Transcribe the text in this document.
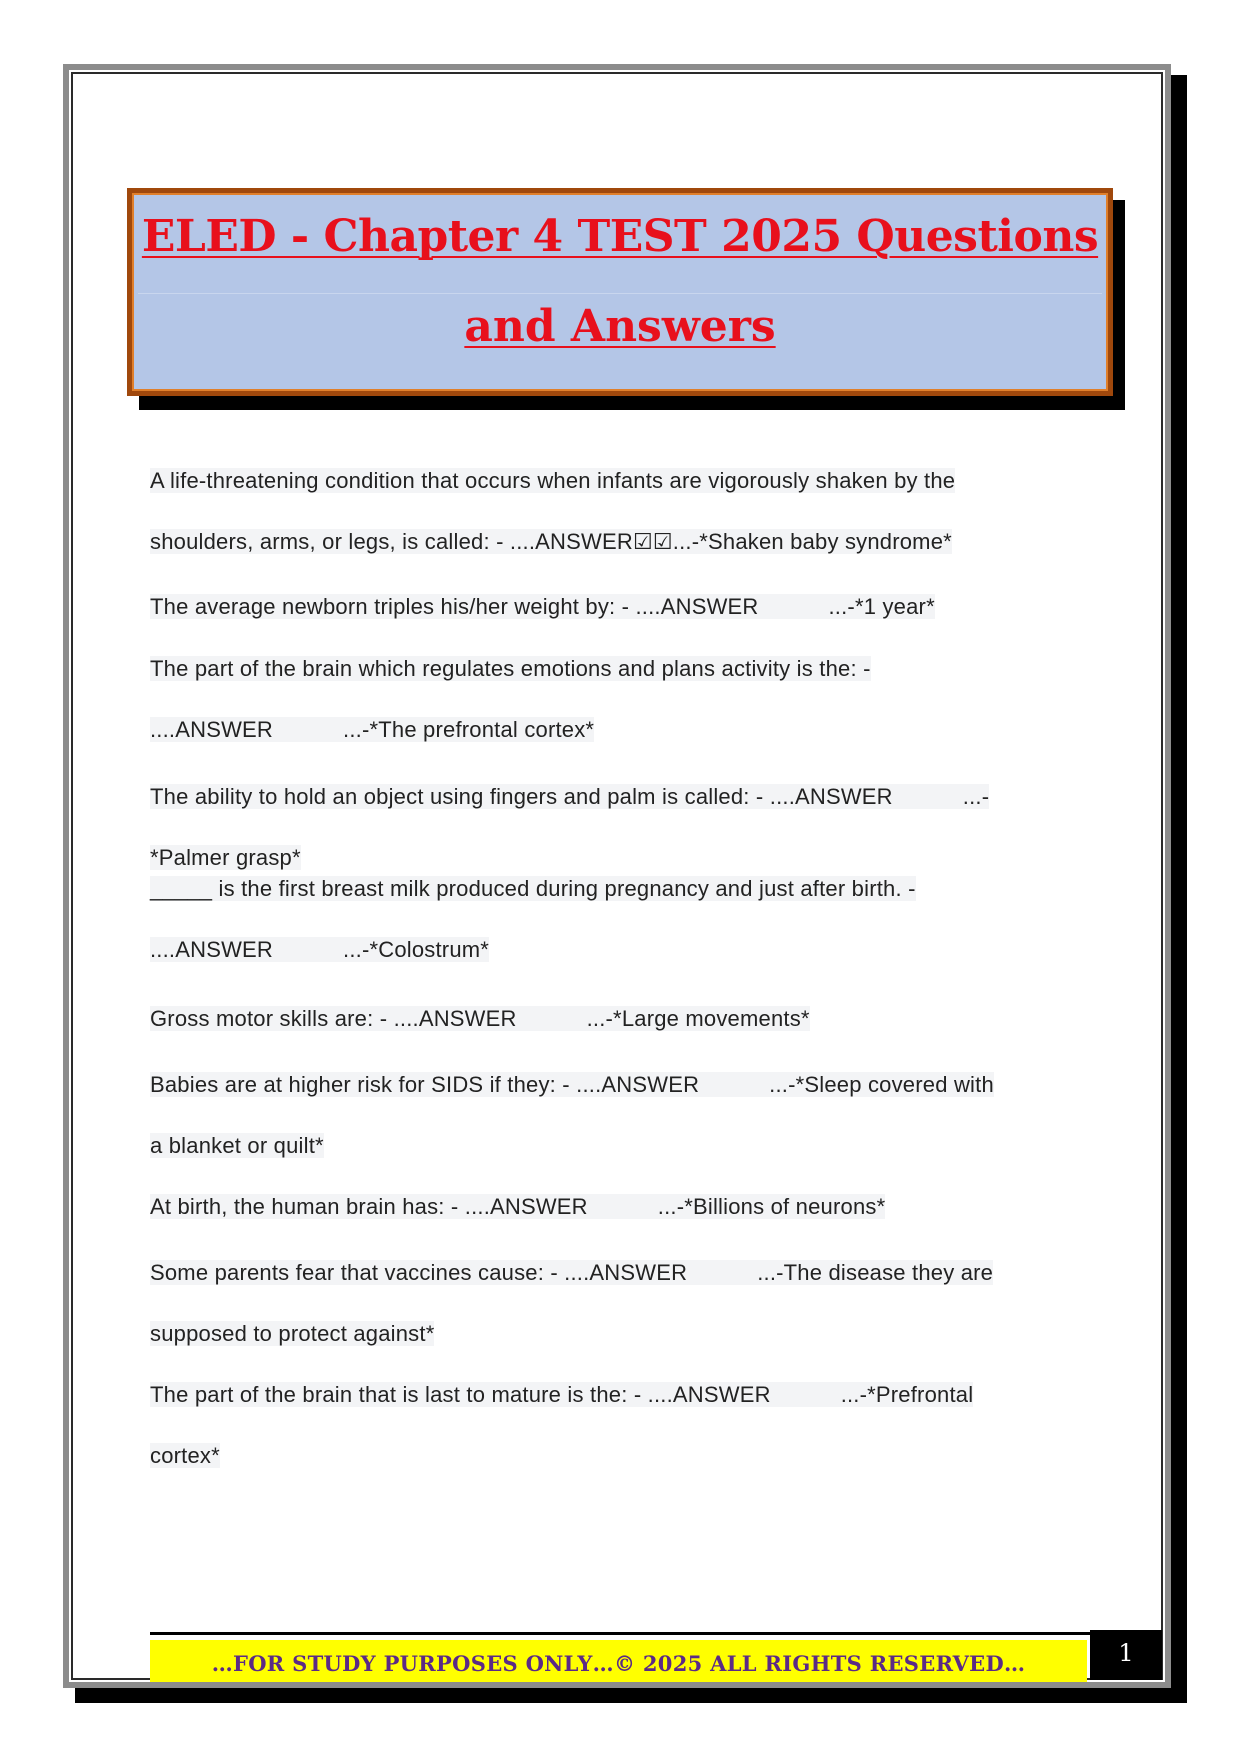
ELED - Chapter 4 TEST 2025 Questions
and Answers
A life-threatening condition that occurs when infants are vigorously shaken by the
shoulders, arms, or legs, is called: - ....ANSWER☑☑...-*Shaken baby syndrome*
The average newborn triples his/her weight by: - ....ANSWER	...-*1 year*
The part of the brain which regulates emotions and plans activity is the: -
....ANSWER	...-*The prefrontal cortex*
The ability to hold an object using fingers and palm is called: - ....ANSWER	...-
*Palmer grasp*
_____ is the first breast milk produced during pregnancy and just after birth. -
....ANSWER	...-*Colostrum*
Gross motor skills are: - ....ANSWER	...-*Large movements*
Babies are at higher risk for SIDS if they: - ....ANSWER	...-*Sleep covered with
a blanket or quilt*
At birth, the human brain has: - ....ANSWER	...-*Billions of neurons*
Some parents fear that vaccines cause: - ....ANSWER	...-The disease they are
supposed to protect against*
The part of the brain that is last to mature is the: - ....ANSWER	...-*Prefrontal
cortex*
…FOR STUDY PURPOSES ONLY…© 2025 ALL RIGHTS RESERVED…	1
